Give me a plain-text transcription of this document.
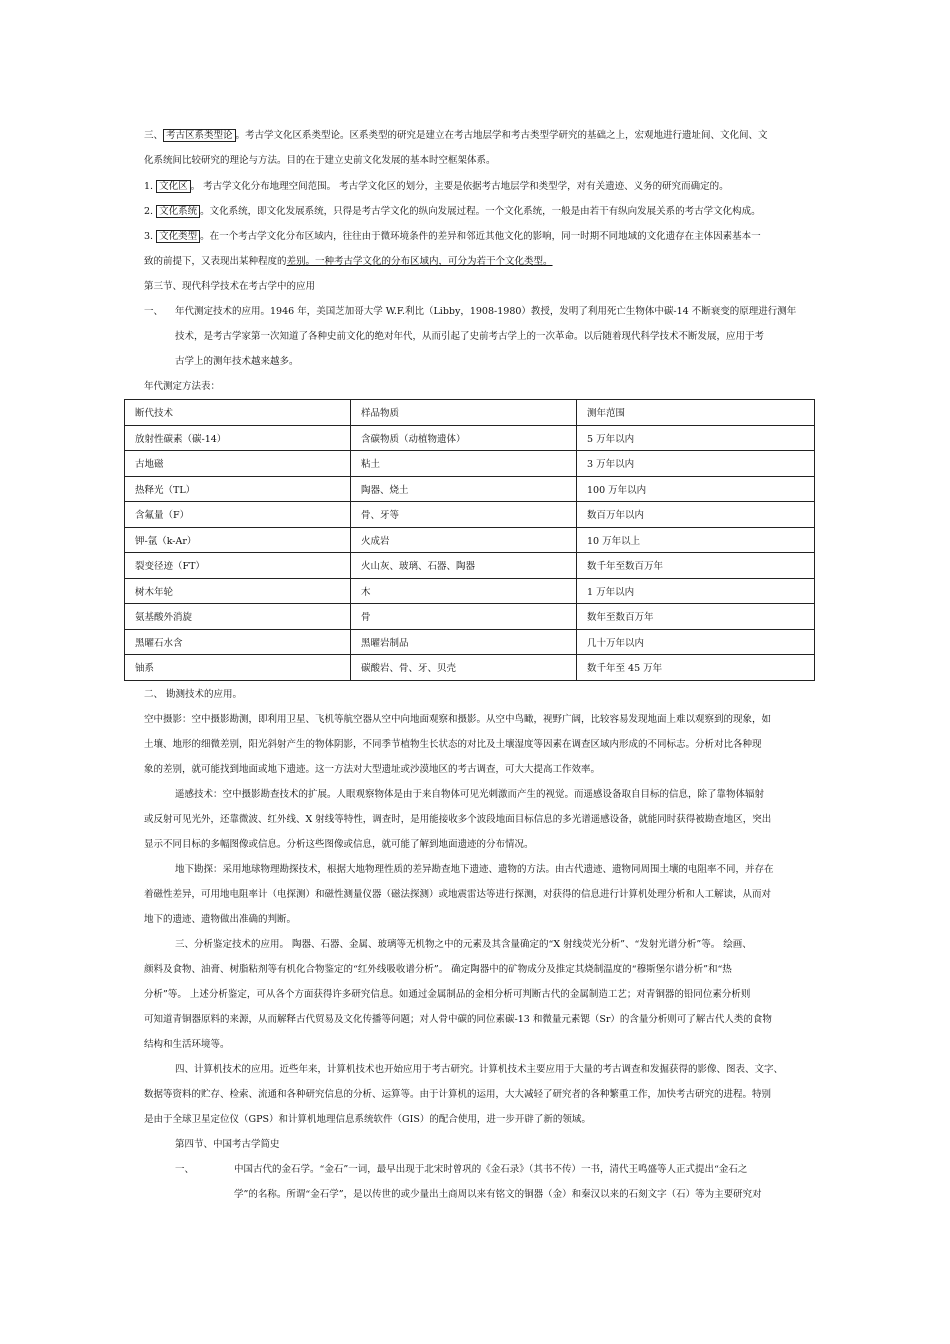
三、 考古区系类型论 。考古学文化区系类型论。区系类型的研究是建立在考古地层学和考古类型学研究的基础之上，宏观地进行遗址间、文化间、文
化系统间比较研究的理论与方法。目的在于建立史前文化发展的基本时空框架体系。
1. 文化区 。 考古学文化分布地理空间范围。 考古学文化区的划分，主要是依据考古地层学和类型学，对有关遗迹、义务的研究而确定的。
2. 文化系统 。文化系统，即文化发展系统，只得是考古学文化的纵向发展过程。一个文化系统，一般是由若干有纵向发展关系的考古学文化构成。
3. 文化类型 。在一个考古学文化分布区域内，往往由于微环境条件的差异和邻近其他文化的影响，同一时期不同地域的文化遗存在主体因素基本一
致的前提下，又表现出某种程度的差别。一种考古学文化的分布区域内，可分为若干个文化类型。
第三节、现代科学技术在考古学中的应用
一、 年代测定技术的应用。1946 年，美国芝加哥大学 W.F.利比（Libby，1908-1980）教授，发明了利用死亡生物体中碳-14 不断衰变的原理进行测年
技术，是考古学家第一次知道了各种史前文化的绝对年代，从而引起了史前考古学上的一次革命。以后随着现代科学技术不断发展，应用于考
古学上的测年技术越来越多。
年代测定方法表：
断代技术	样品物质	测年范围
放射性碳素（碳-14）	含碳物质（动植物遗体）	5 万年以内
古地磁	粘土	3 万年以内
热释光（TL）	陶器、烧土	100 万年以内
含氟量（F）	骨、牙等	数百万年以内
钾-氩（k-Ar）	火成岩	10 万年以上
裂变径迹（FT）	火山灰、玻璃、石器、陶器	数千年至数百万年
树木年轮	木	1 万年以内
氨基酸外消旋	骨	数年至数百万年
黑曜石水含	黑曜岩制品	几十万年以内
铀系	碳酸岩、骨、牙、贝壳	数千年至 45 万年
二、 勘测技术的应用。
空中摄影：空中摄影勘测，即利用卫星、飞机等航空器从空中向地面观察和摄影。从空中鸟瞰，视野广阔，比较容易发现地面上难以观察到的现象，如
土壤、地形的细微差别，阳光斜射产生的物体阴影，不同季节植物生长状态的对比及土壤湿度等因素在调查区域内形成的不同标志。分析对比各种现
象的差别，就可能找到地面或地下遗迹。这一方法对大型遗址或沙漠地区的考古调查，可大大提高工作效率。
遥感技术：空中摄影勘查技术的扩展。人眼观察物体是由于来自物体可见光刺激而产生的视觉。而遥感设备取自目标的信息，除了靠物体辐射
或反射可见光外，还靠微波、红外线、X 射线等特性，调查时，是用能接收多个波段地面目标信息的多光谱遥感设备，就能同时获得被勘查地区，突出
显示不同目标的多幅图像或信息。分析这些图像或信息，就可能了解到地面遗迹的分布情况。
地下勘探：采用地球物理勘探技术，根据大地物理性质的差异勘查地下遗迹、遗物的方法。由古代遗迹、遗物同周围土壤的电阻率不同，并存在
着磁性差异，可用地电阻率计（电探测）和磁性测量仪器（磁法探测）或地震雷达等进行探测，对获得的信息进行计算机处理分析和人工解读，从而对
地下的遗迹、遗物做出准确的判断。
三、分析鉴定技术的应用。 陶器、石器、金属、玻璃等无机物之中的元素及其含量确定的“X 射线荧光分析”、“发射光谱分析”等。 绘画、
颜料及食物、油膏、树脂粘剂等有机化合物鉴定的“红外线吸收谱分析”。 确定陶器中的矿物成分及推定其烧制温度的“穆斯堡尔谱分析”和“热
分析”等。 上述分析鉴定，可从各个方面获得许多研究信息。如通过金属制品的金相分析可判断古代的金属制造工艺；对青铜器的铅同位素分析则
可知道青铜器原料的来源，从而解释古代贸易及文化传播等问题；对人骨中碳的同位素碳-13 和微量元素锶（Sr）的含量分析则可了解古代人类的食物
结构和生活环境等。
四、计算机技术的应用。近些年来，计算机技术也开始应用于考古研究。计算机技术主要应用于大量的考古调查和发掘获得的影像、图表、文字、
数据等资料的贮存、检索、流通和各种研究信息的分析、运算等。由于计算机的运用，大大减轻了研究者的各种繁重工作，加快考古研究的进程。特别
是由于全球卫星定位仪（GPS）和计算机地理信息系统软件（GIS）的配合使用，进一步开辟了新的领域。
第四节、中国考古学简史
一、	中国古代的金石学。“金石”一词，最早出现于北宋时曾巩的《金石录》（其书不传）一书，清代王鸣盛等人正式提出“金石之
学”的名称。所谓“金石学”，是以传世的或少量出土商周以来有铭文的铜器（金）和秦汉以来的石刻文字（石）等为主要研究对
